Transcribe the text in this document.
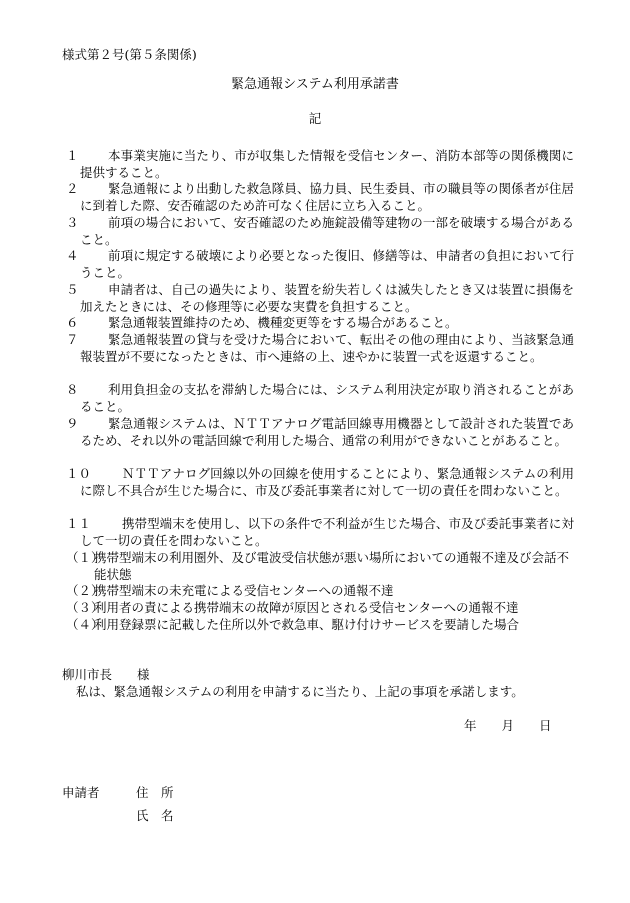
様式第２号(第５条関係)
緊急通報システム利用承諾書
記
１	本事業実施に当たり、市が収集した情報を受信センター、消防本部等の関係機関に提供すること。
２	緊急通報により出動した救急隊員、協力員、民生委員、市の職員等の関係者が住居に到着した際、安否確認のため許可なく住居に立ち入ること。
３	前項の場合において、安否確認のため施錠設備等建物の一部を破壊する場合があること。
４	前項に規定する破壊により必要となった復旧、修繕等は、申請者の負担において行うこと。
５	申請者は、自己の過失により、装置を紛失若しくは滅失したとき又は装置に損傷を加えたときには、その修理等に必要な実費を負担すること。
６	緊急通報装置維持のため、機種変更等をする場合があること。
７	緊急通報装置の貸与を受けた場合において、転出その他の理由により、当該緊急通報装置が不要になったときは、市へ連絡の上、速やかに装置一式を返還すること。
８	利用負担金の支払を滞納した場合には、システム利用決定が取り消されることがあること。
９	緊急通報システムは、ＮＴＴアナログ電話回線専用機器として設計された装置であるため、それ以外の電話回線で利用した場合、通常の利用ができないことがあること。
１０	ＮＴＴアナログ回線以外の回線を使用することにより、緊急通報システムの利用に際し不具合が生じた場合に、市及び委託事業者に対して一切の責任を問わないこと。
１１	携帯型端末を使用し、以下の条件で不利益が生じた場合、市及び委託事業者に対して一切の責任を問わないこと。
（１）
携帯型端末の利用圏外、及び電波受信状態が悪い場所においての通報不達及び会話不能状態
（２）
携帯型端末の未充電による受信センターへの通報不達
（３）
利用者の責による携帯端末の故障が原因とされる受信センターへの通報不達
（４）
利用登録票に記載した住所以外で救急車、駆け付けサービスを要請した場合
柳川市長　　様
私は、緊急通報システムの利用を申請するに当たり、上記の事項を承諾します。
年　　月　　日
申請者	住　所
氏　名
